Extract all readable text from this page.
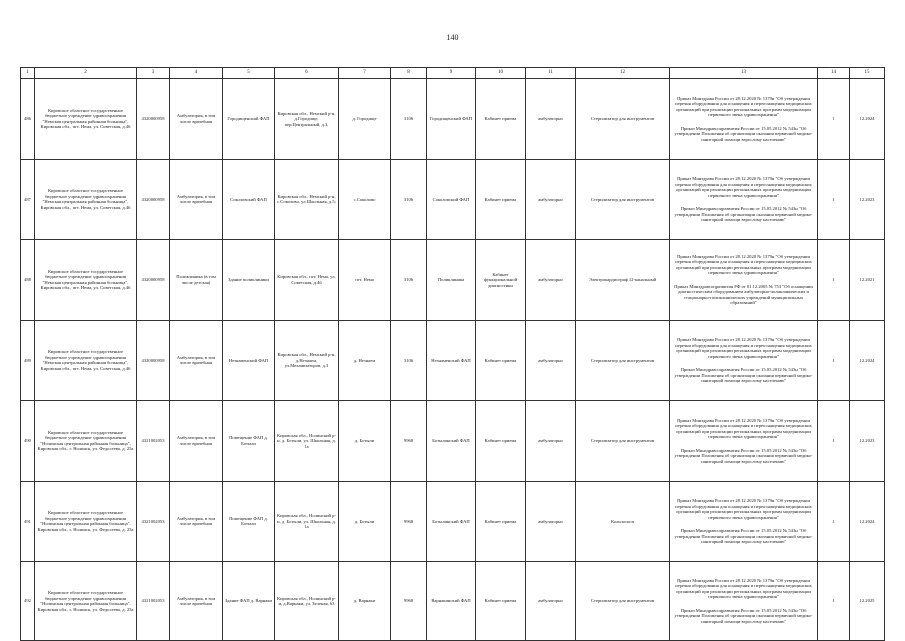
140
1	2	3	4	5	6	7	8	9	10	11	12	13	14	15
486	Кировское областное государственное бюджетное учреждение здравоохранения "Немская центральная районная больница", Кировская обл., пгт. Нема, ул. Советская, д.46	4320000958	Амбулатория, в том числе врачебная	Городищенский ФАП	Кировская обл., Немский р-н, д.Городище, пер.Центральный, д.3,	д. Городище	3106	Городищенский ФАП	Кабинет приема	амбулаторно	Стерилизатор для инструментов	Приказ Минздрава России от 28.12.2020 № 1379н "Об утверждении перечня оборудования для оснащения и переоснащения медицинских организаций при реализации региональных программ модернизации первичного звена здравоохранения"

Приказ Минздравсоцразвития России от 15.05.2012 № 543н "Об утверждении Положения об организации оказания первичной медико-санитарной помощи взрослому населению"	1	12.2024
487	Кировское областное государственное бюджетное учреждение здравоохранения "Немская центральная районная больница", Кировская обл., пгт. Нема, ул. Советская, д.46	4320000958	Амбулатория, в том числе врачебная	Соколовский ФАП	Кировская обл., Немский р-н, с.Соколово, ул.Школьная, д.5;	с.Соколово	3106	Соколовский ФАП	Кабинет приема	амбулаторно	Стерилизатор для инструментов	Приказ Минздрава России от 28.12.2020 № 1379н "Об утверждении перечня оборудования для оснащения и переоснащения медицинских организаций при реализации региональных программ модернизации первичного звена здравоохранения"

Приказ Минздравсоцразвития России от 15.05.2012 № 543н "Об утверждении Положения об организации оказания первичной медико-санитарной помощи взрослому населению"	1	12.2023
488	Кировское областное государственное бюджетное учреждение здравоохранения "Немская центральная районная больница", Кировская обл., пгт. Нема, ул. Советская, д.46	4320000958	Поликлиника (в том числе детская)	Здание поликлиники	Кировская обл., пгт. Нема, ул. Советская, д.46	пгт. Нема	3106	Поликлиника	Кабинет функциональной диагностики	амбулаторно	Электрокардиограф 12-канальный	Приказ Минздрава России от 28.12.2020 № 1379н "Об утверждении перечня оборудования для оснащения и переоснащения медицинских организаций при реализации региональных программ модернизации первичного звена здравоохранения"

Приказ Минздравсоцразвития РФ от 01.12.2005 № 753 "Об оснащении диагностическим оборудованием амбулаторно-поликлинических и стационарно-поликлинических учреждений муниципальных образований"	1	12.2021
489	Кировское областное государственное бюджетное учреждение здравоохранения "Немская центральная районная больница", Кировская обл., пгт. Нема, ул. Советская, д.46	4320000958	Амбулатория, в том числе врачебная	Незнаменский ФАП	Кировская обл., Немский р-н, д.Незнаем, ул.Механизаторов, д.3	д. Незнаем	3106	Незнаменский ФАП	Кабинет приема	амбулаторно	Стерилизатор для инструментов	Приказ Минздрава России от 28.12.2020 № 1379н "Об утверждении перечня оборудования для оснащения и переоснащения медицинских организаций при реализации региональных программ модернизации первичного звена здравоохранения"

Приказ Минздравсоцразвития России от 15.05.2012 № 543н "Об утверждении Положения об организации оказания первичной медико-санитарной помощи взрослому населению"	1	12.2024
490	Кировское областное государственное бюджетное учреждение здравоохранения "Нолинская центральная районная больница", Кировская обл., г. Нолинск, ул. Федосеева, д. 25а	4321002053	Амбулатория, в том числе врачебная	Помещение ФАП д. Ботыли	Кировская обл., Нолинский р-н, д. Ботыли, ул. Школьная, д. 1а	д. Ботыли	9968	Ботылинский ФАП	Кабинет приема	амбулаторно	Стерилизатор для инструментов	Приказ Минздрава России от 28.12.2020 № 1379н "Об утверждении перечня оборудования для оснащения и переоснащения медицинских организаций при реализации региональных программ модернизации первичного звена здравоохранения"

Приказ Минздравсоцразвития России от 15.05.2012 № 543н "Об утверждении Положения об организации оказания первичной медико-санитарной помощи взрослому населению"	1	12.2023
491	Кировское областное государственное бюджетное учреждение здравоохранения "Нолинская центральная районная больница", Кировская обл., г. Нолинск, ул. Федосеева, д. 25а	4321002053	Амбулатория, в том числе врачебная	Помещение ФАП д. Ботыли	Кировская обл., Нолинский р-н, д. Ботыли, ул. Школьная, д. 1а	д. Ботыли	9968	Ботылинский ФАП	Кабинет приема	амбулаторно	Кольпоскоп	Приказ Минздрава России от 28.12.2020 № 1379н "Об утверждении перечня оборудования для оснащения и переоснащения медицинских организаций при реализации региональных программ модернизации первичного звена здравоохранения"

Приказ Минздравсоцразвития России от 15.05.2012 № 543н "Об утверждении Положения об организации оказания первичной медико-санитарной помощи взрослому населению"	1	12.2024
492	Кировское областное государственное бюджетное учреждение здравоохранения "Нолинская центральная районная больница", Кировская обл., г. Нолинск, ул. Федосеева, д. 25а	4321002053	Амбулатория, в том числе врачебная	Здание ФАП д. Варнаки	Кировская обл., Нолинский р-н, д.Варнаки, ул. Зеленая, 63	д. Варнаки	9968	Варнакинский ФАП	Кабинет приема	амбулаторно	Стерилизатор для инструментов	Приказ Минздрава России от 28.12.2020 № 1379н "Об утверждении перечня оборудования для оснащения и переоснащения медицинских организаций при реализации региональных программ модернизации первичного звена здравоохранения"

Приказ Минздравсоцразвития России от 15.05.2012 № 543н "Об утверждении Положения об организации оказания первичной медико-санитарной помощи взрослому населению"	1	12.2025
